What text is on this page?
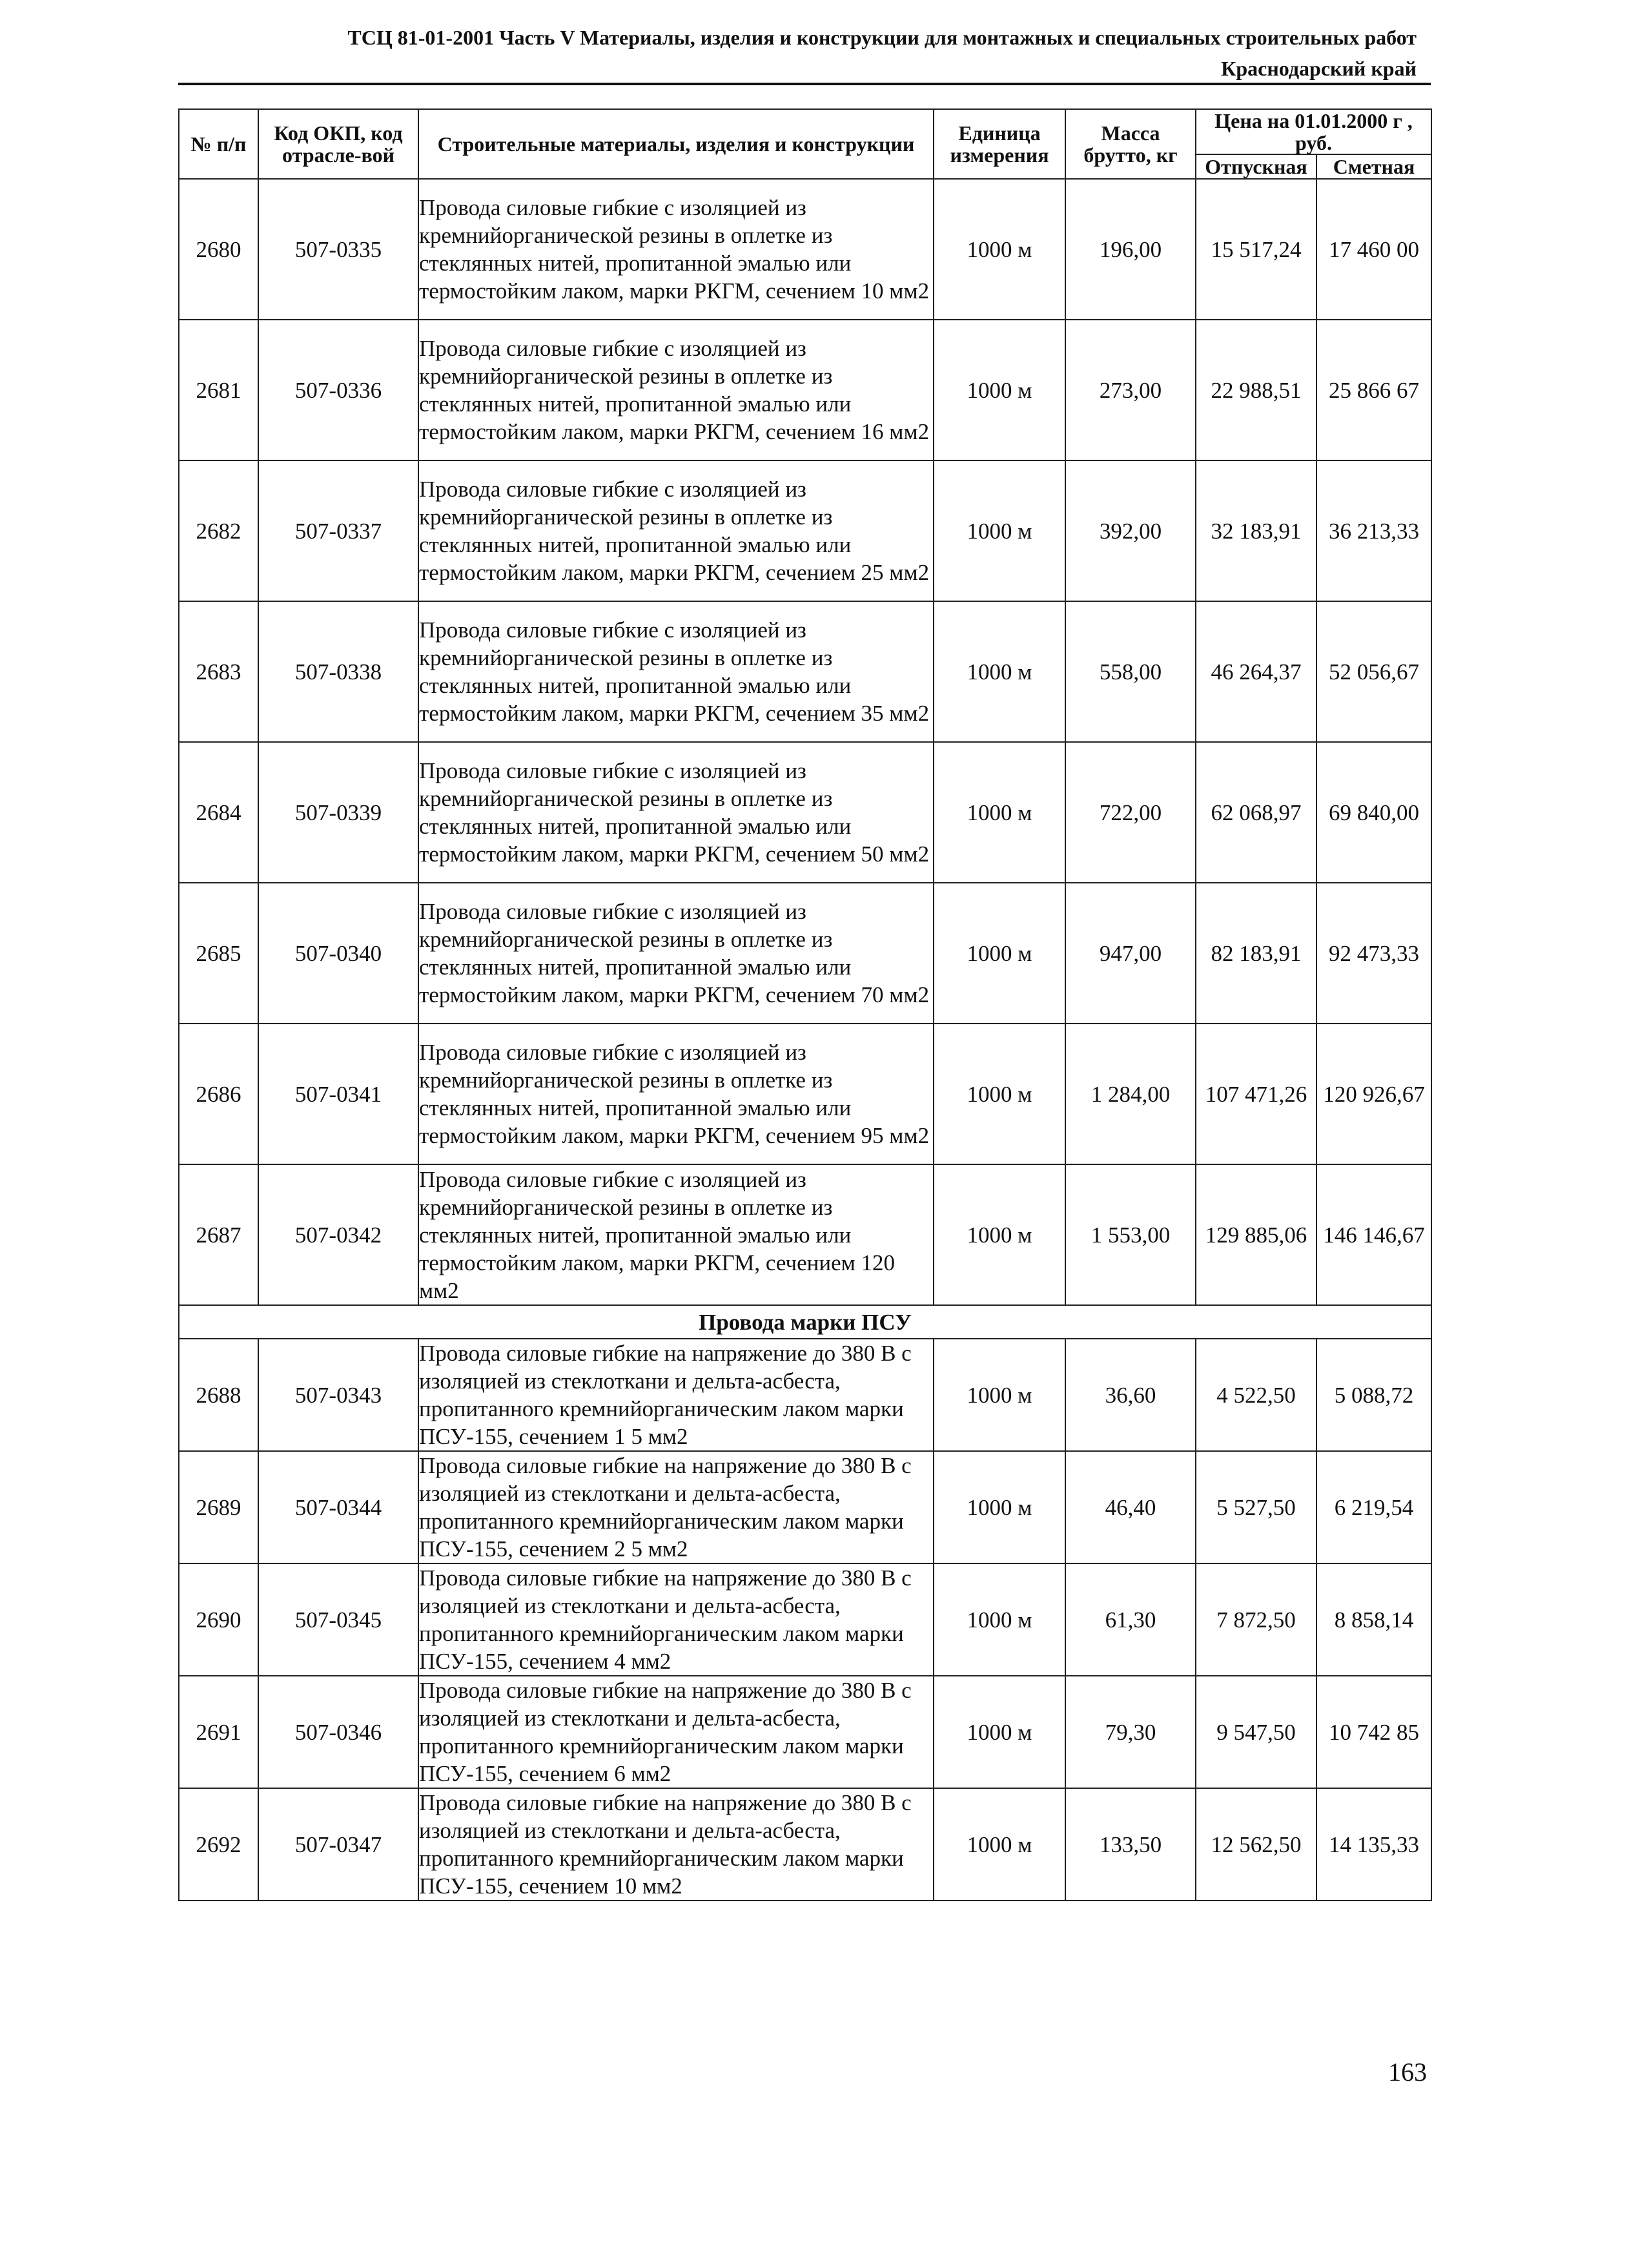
ТСЦ 81-01-2001 Часть V Материалы, изделия и конструкции для монтажных и специальных строительных работ
Краснодарский край
№ п/п	Код ОКП, код отрасле-вой	Строительные материалы, изделия и конструкции	Единица измерения	Масса брутто, кг	Цена на 01.01.2000 г , руб.	
					Отпускная	Сметная
2680	507-0335	Провода силовые гибкие с изоляцией из кремнийорганической резины в оплетке из стеклянных нитей, пропитанной эмалью или термостойким лаком, марки РКГМ, сечением 10 мм2	1000 м	196,00	15 517,24	17 460 00
2681	507-0336	Провода силовые гибкие с изоляцией из кремнийорганической резины в оплетке из стеклянных нитей, пропитанной эмалью или термостойким лаком, марки РКГМ, сечением 16 мм2	1000 м	273,00	22 988,51	25 866 67
2682	507-0337	Провода силовые гибкие с изоляцией из кремнийорганической резины в оплетке из стеклянных нитей, пропитанной эмалью или термостойким лаком, марки РКГМ, сечением 25 мм2	1000 м	392,00	32 183,91	36 213,33
2683	507-0338	Провода силовые гибкие с изоляцией из кремнийорганической резины в оплетке из стеклянных нитей, пропитанной эмалью или термостойким лаком, марки РКГМ, сечением 35 мм2	1000 м	558,00	46 264,37	52 056,67
2684	507-0339	Провода силовые гибкие с изоляцией из кремнийорганической резины в оплетке из стеклянных нитей, пропитанной эмалью или термостойким лаком, марки РКГМ, сечением 50 мм2	1000 м	722,00	62 068,97	69 840,00
2685	507-0340	Провода силовые гибкие с изоляцией из кремнийорганической резины в оплетке из стеклянных нитей, пропитанной эмалью или термостойким лаком, марки РКГМ, сечением 70 мм2	1000 м	947,00	82 183,91	92 473,33
2686	507-0341	Провода силовые гибкие с изоляцией из кремнийорганической резины в оплетке из стеклянных нитей, пропитанной эмалью или термостойким лаком, марки РКГМ, сечением 95 мм2	1000 м	1 284,00	107 471,26	120 926,67
2687	507-0342	Провода силовые гибкие с изоляцией из кремнийорганической резины в оплетке из стеклянных нитей, пропитанной эмалью или термостойким лаком, марки РКГМ, сечением 120 мм2	1000 м	1 553,00	129 885,06	146 146,67
Провода марки ПСУ						
2688	507-0343	Провода силовые гибкие на напряжение до 380 В с изоляцией из стеклоткани и дельта-асбеста, пропитанного кремнийорганическим лаком марки ПСУ-155, сечением 1 5 мм2	1000 м	36,60	4 522,50	5 088,72
2689	507-0344	Провода силовые гибкие на напряжение до 380 В с изоляцией из стеклоткани и дельта-асбеста, пропитанного кремнийорганическим лаком марки ПСУ-155, сечением 2 5 мм2	1000 м	46,40	5 527,50	6 219,54
2690	507-0345	Провода силовые гибкие на напряжение до 380 В с изоляцией из стеклоткани и дельта-асбеста, пропитанного кремнийорганическим лаком марки ПСУ-155, сечением 4 мм2	1000 м	61,30	7 872,50	8 858,14
2691	507-0346	Провода силовые гибкие на напряжение до 380 В с изоляцией из стеклоткани и дельта-асбеста, пропитанного кремнийорганическим лаком марки ПСУ-155, сечением 6 мм2	1000 м	79,30	9 547,50	10 742 85
2692	507-0347	Провода силовые гибкие на напряжение до 380 В с изоляцией из стеклоткани и дельта-асбеста, пропитанного кремнийорганическим лаком марки ПСУ-155, сечением 10 мм2	1000 м	133,50	12 562,50	14 135,33
163
